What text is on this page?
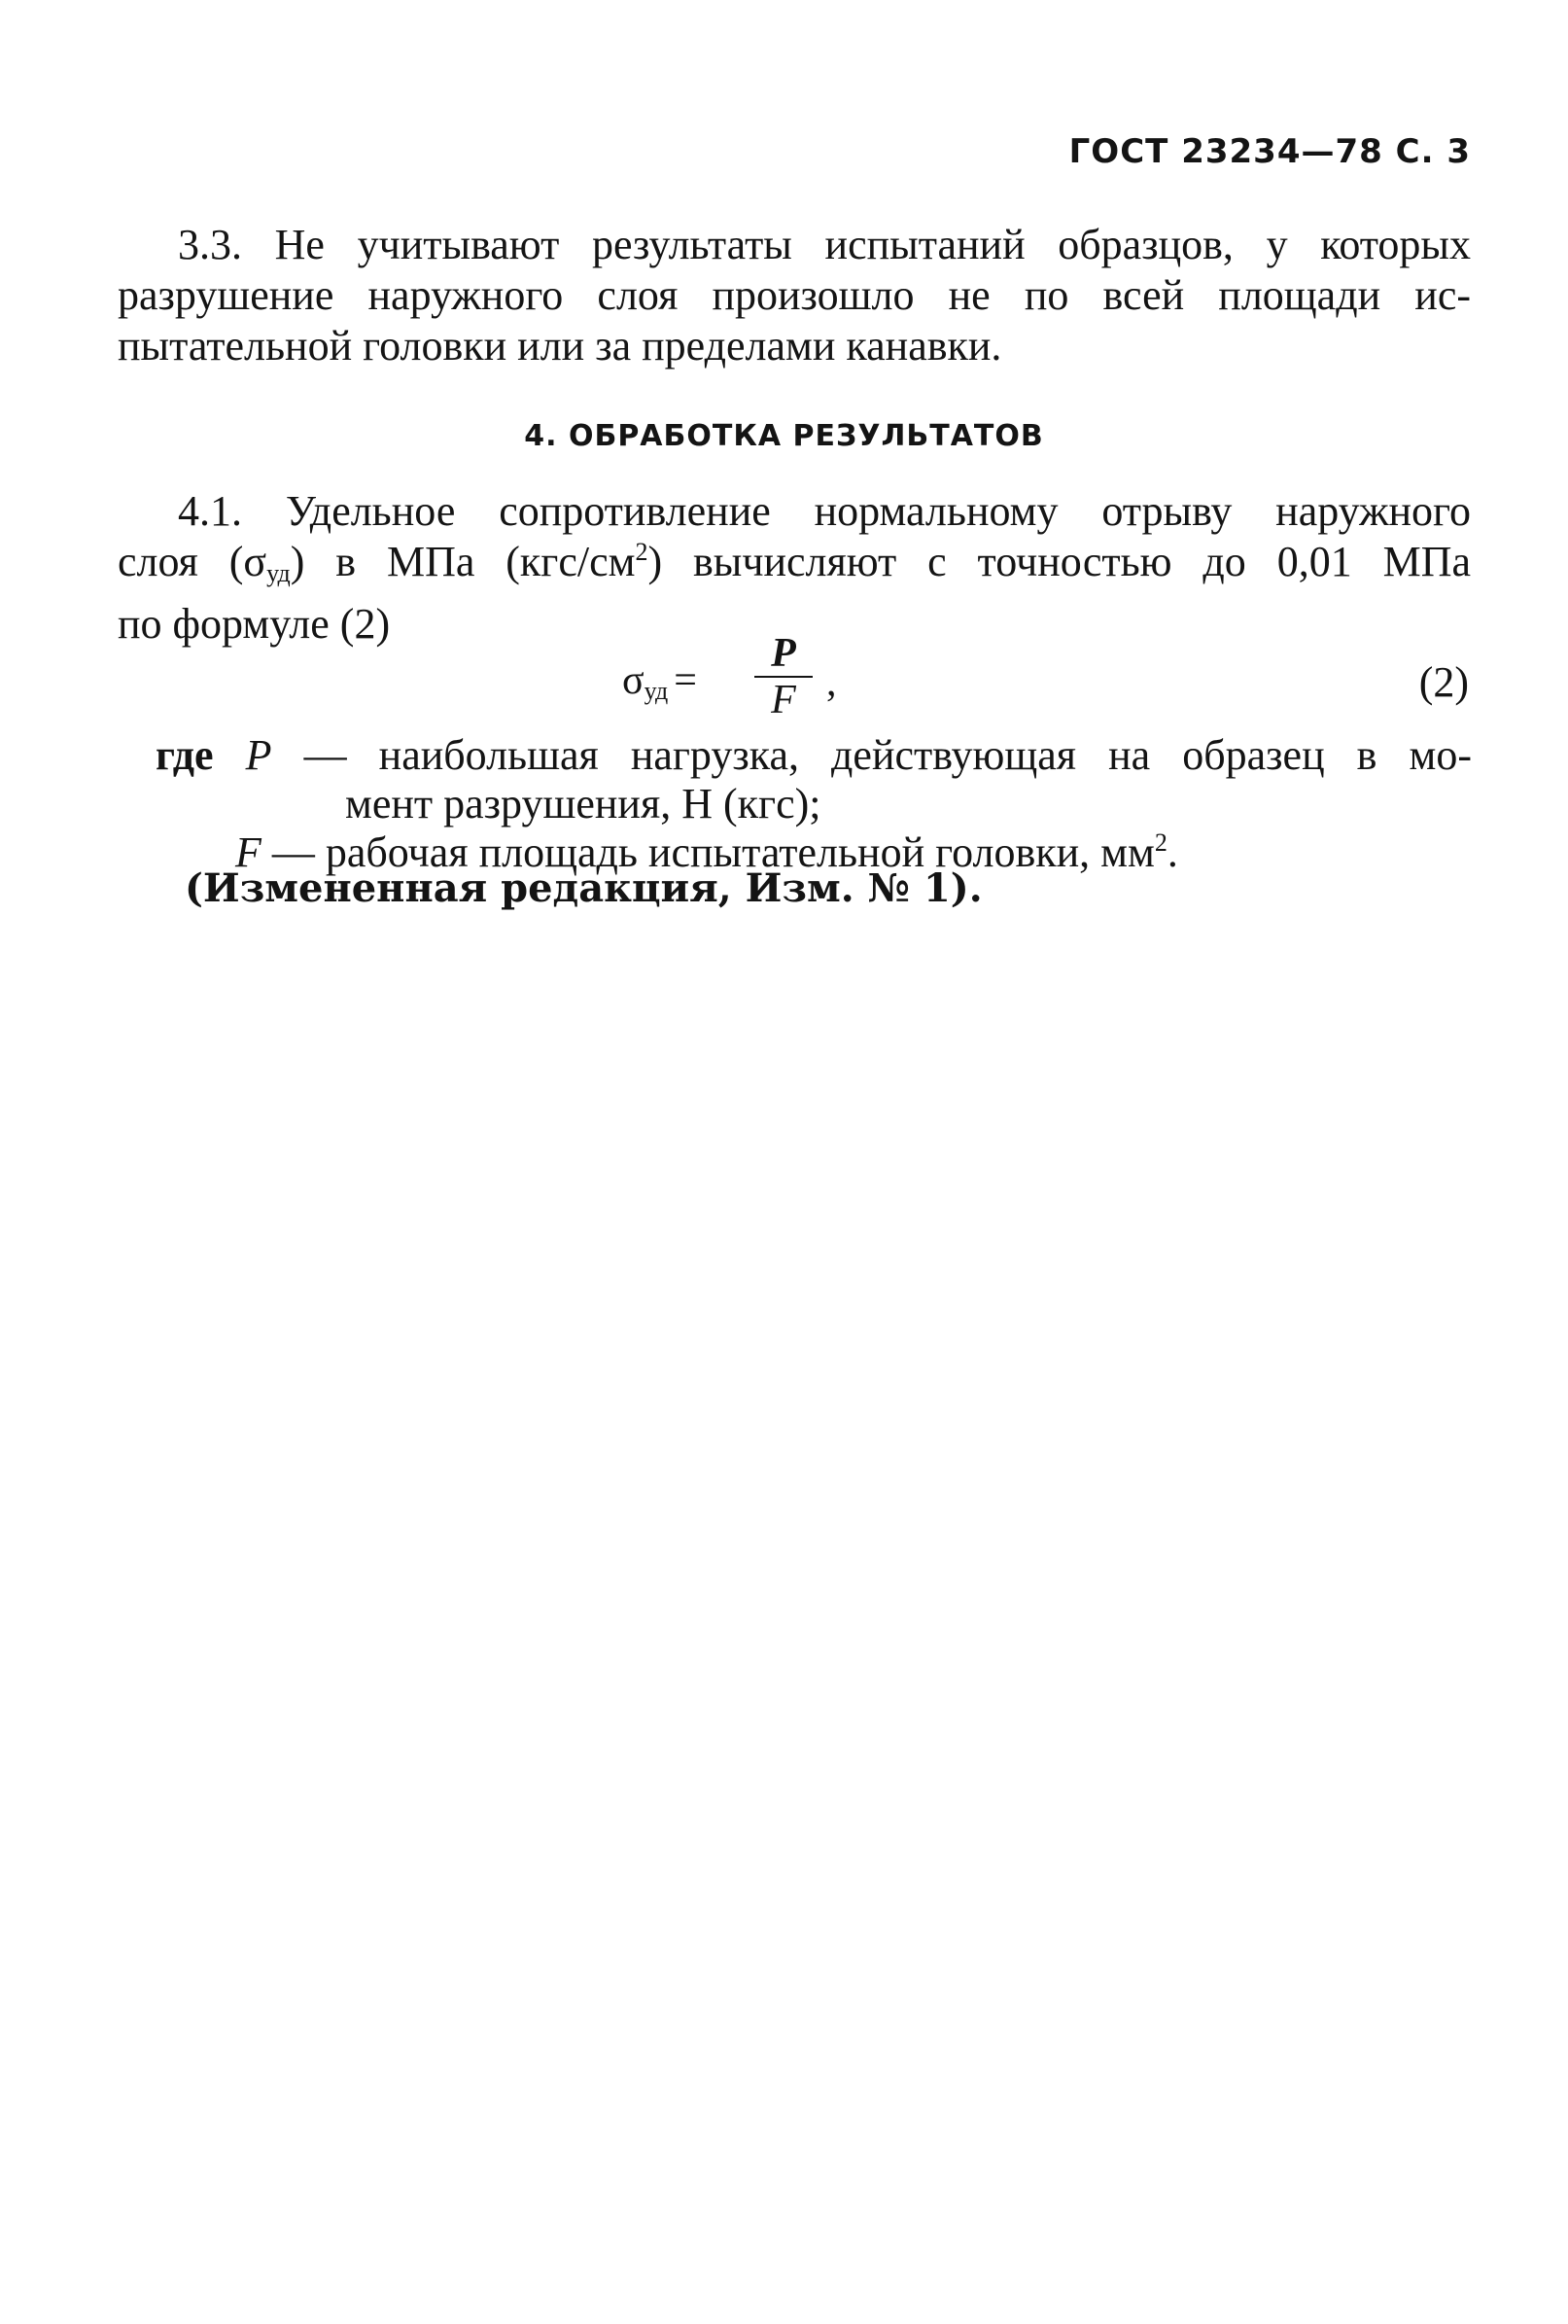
ГОСТ 23234—78 С. 3
3.3. Не учитывают результаты испытаний образцов, у которых
разрушение наружного слоя произошло не по всей площади ис-
пытательной головки или за пределами канавки.
4. ОБРАБОТКА РЕЗУЛЬТАТОВ
4.1. Удельное сопротивление нормальному отрыву наружного
слоя $(\sigma_{уд})$ в МПа $(кгс/см^2)$ вычисляют с точностью до 0,01 МПа
по формуле (2)
$\sigma_{уд}$ =
P
F ,	(2)
где P — наибольшая нагрузка, действующая на образец в мо-
мент разрушения, Н (кгс);
F — рабочая площадь испытательной головки, $мм^2$.
(Измененная редакция, Изм. № 1).
